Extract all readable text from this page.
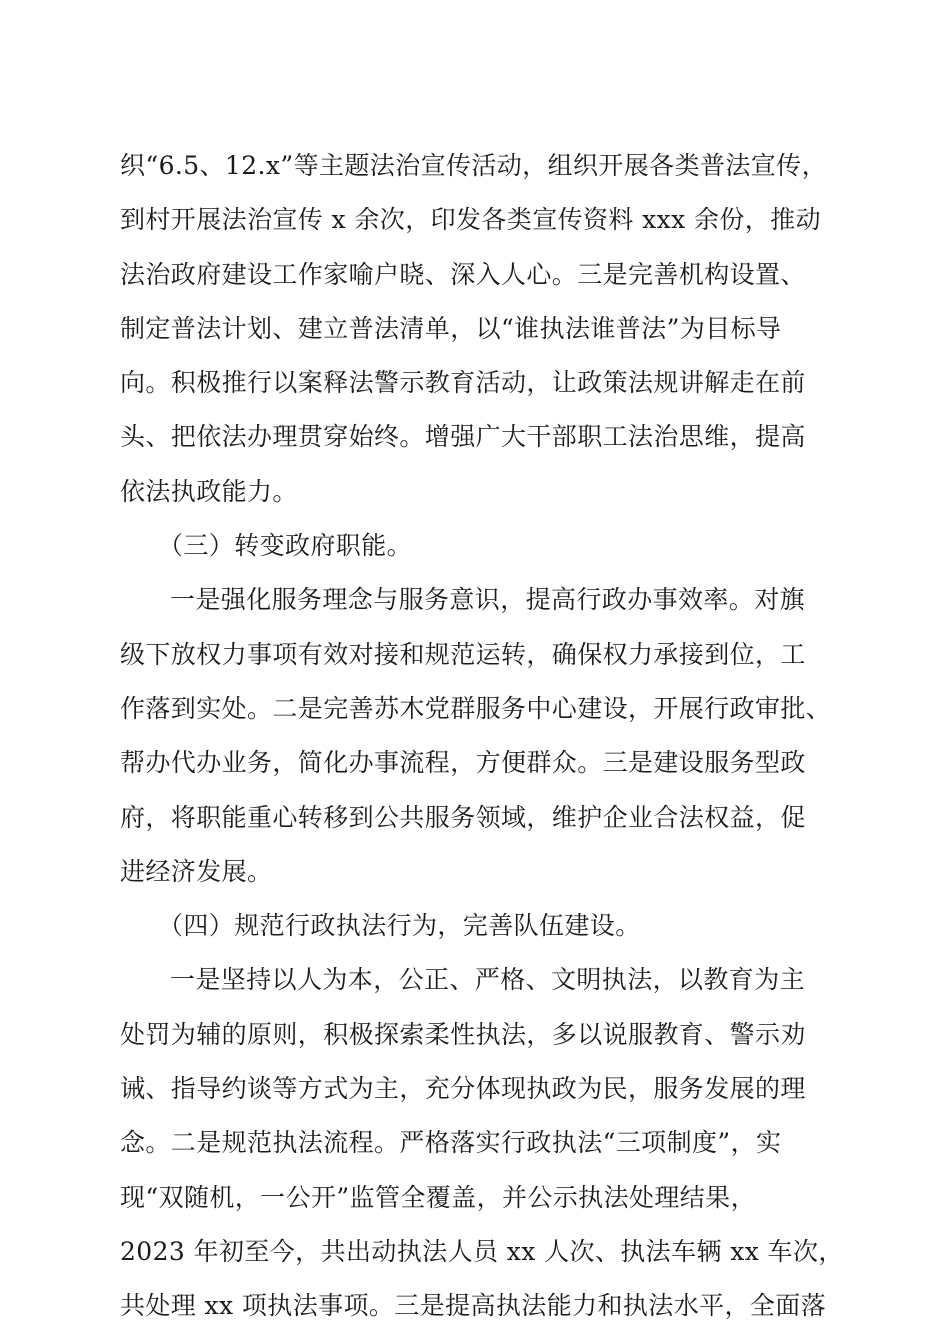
织“6.5、12.x”等主题法治宣传活动，组织开展各类普法宣传，
到村开展法治宣传 x 余次，印发各类宣传资料 xxx 余份，推动
法治政府建设工作家喻户晓、深入人心。三是完善机构设置、
制定普法计划、建立普法清单，以“谁执法谁普法”为目标导
向。积极推行以案释法警示教育活动，让政策法规讲解走在前
头、把依法办理贯穿始终。增强广大干部职工法治思维，提高
依法执政能力。
（三）转变政府职能。
一是强化服务理念与服务意识，提高行政办事效率。对旗
级下放权力事项有效对接和规范运转，确保权力承接到位，工
作落到实处。二是完善苏木党群服务中心建设，开展行政审批、
帮办代办业务，简化办事流程，方便群众。三是建设服务型政
府，将职能重心转移到公共服务领域，维护企业合法权益，促
进经济发展。
（四）规范行政执法行为，完善队伍建设。
一是坚持以人为本，公正、严格、文明执法，以教育为主
处罚为辅的原则，积极探索柔性执法，多以说服教育、警示劝
诫、指导约谈等方式为主，充分体现执政为民，服务发展的理
念。二是规范执法流程。严格落实行政执法“三项制度”，实
现“双随机，一公开”监管全覆盖，并公示执法处理结果，
2023 年初至今，共出动执法人员 xx 人次、执法车辆 xx 车次，
共处理 xx 项执法事项。三是提高执法能力和执法水平，全面落
